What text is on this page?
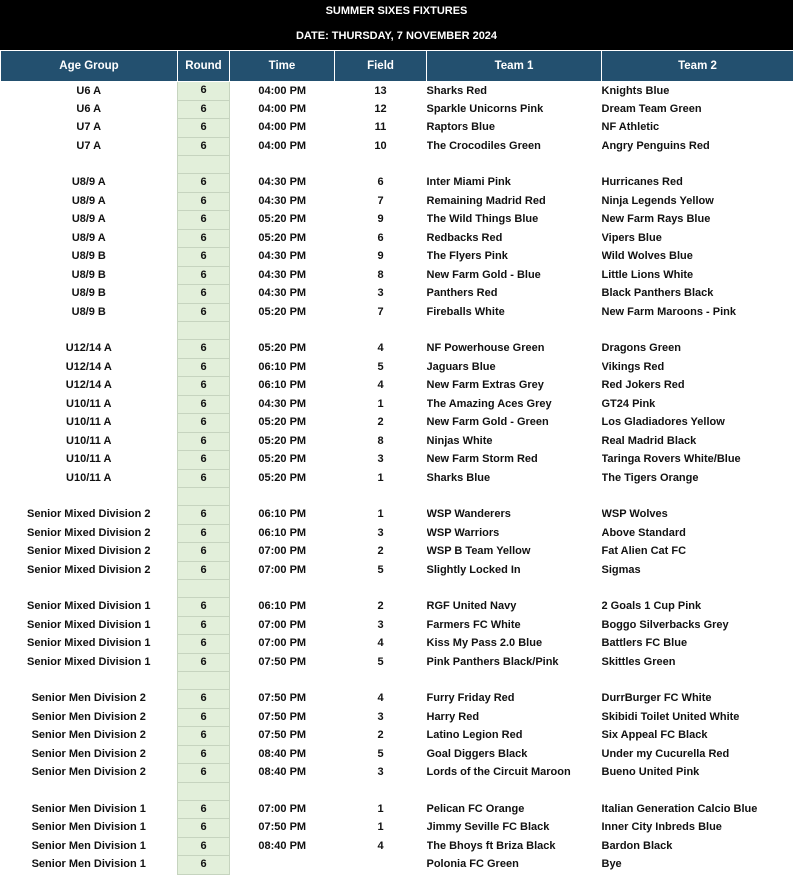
SUMMER SIXES FIXTURES
DATE: THURSDAY, 7 NOVEMBER 2024
Age Group	Round	Time	Field	Team 1	Team 2
U6 A	6	04:00 PM	13	Sharks Red	Knights Blue
U6 A	6	04:00 PM	12	Sparkle Unicorns Pink	Dream Team Green
U7 A	6	04:00 PM	11	Raptors Blue	NF Athletic
U7 A	6	04:00 PM	10	The Crocodiles Green	Angry Penguins Red

U8/9 A	6	04:30 PM	6	Inter Miami Pink	Hurricanes Red
U8/9 A	6	04:30 PM	7	Remaining Madrid Red	Ninja Legends Yellow
U8/9 A	6	05:20 PM	9	The Wild Things Blue	New Farm Rays Blue
U8/9 A	6	05:20 PM	6	Redbacks Red	Vipers Blue
U8/9 B	6	04:30 PM	9	The Flyers Pink	Wild Wolves Blue
U8/9 B	6	04:30 PM	8	New Farm Gold - Blue	Little Lions White
U8/9 B	6	04:30 PM	3	Panthers Red	Black Panthers Black
U8/9 B	6	05:20 PM	7	Fireballs White	New Farm Maroons - Pink

U12/14 A	6	05:20 PM	4	NF Powerhouse Green	Dragons Green
U12/14 A	6	06:10 PM	5	Jaguars Blue	Vikings Red
U12/14 A	6	06:10 PM	4	New Farm Extras Grey	Red Jokers Red
U10/11 A	6	04:30 PM	1	The Amazing Aces Grey	GT24 Pink
U10/11 A	6	05:20 PM	2	New Farm Gold - Green	Los Gladiadores Yellow
U10/11 A	6	05:20 PM	8	Ninjas White	Real Madrid Black
U10/11 A	6	05:20 PM	3	New Farm Storm Red	Taringa Rovers White/Blue
U10/11 A	6	05:20 PM	1	Sharks Blue	The Tigers Orange

Senior Mixed Division 2	6	06:10 PM	1	WSP Wanderers	WSP Wolves
Senior Mixed Division 2	6	06:10 PM	3	WSP Warriors	Above Standard
Senior Mixed Division 2	6	07:00 PM	2	WSP B Team Yellow	Fat Alien Cat FC
Senior Mixed Division 2	6	07:00 PM	5	Slightly Locked In	Sigmas

Senior Mixed Division 1	6	06:10 PM	2	RGF United Navy	2 Goals 1 Cup Pink
Senior Mixed Division 1	6	07:00 PM	3	Farmers FC White	Boggo Silverbacks Grey
Senior Mixed Division 1	6	07:00 PM	4	Kiss My Pass 2.0 Blue	Battlers FC Blue
Senior Mixed Division 1	6	07:50 PM	5	Pink Panthers Black/Pink	Skittles Green

Senior Men Division 2	6	07:50 PM	4	Furry Friday Red	DurrBurger FC White
Senior Men Division 2	6	07:50 PM	3	Harry Red	Skibidi Toilet United White
Senior Men Division 2	6	07:50 PM	2	Latino Legion Red	Six Appeal FC Black
Senior Men Division 2	6	08:40 PM	5	Goal Diggers Black	Under my Cucurella Red
Senior Men Division 2	6	08:40 PM	3	Lords of the Circuit Maroon	Bueno United Pink

Senior Men Division 1	6	07:00 PM	1	Pelican FC Orange	Italian Generation Calcio Blue
Senior Men Division 1	6	07:50 PM	1	Jimmy Seville FC Black	Inner City Inbreds Blue
Senior Men Division 1	6	08:40 PM	4	The Bhoys ft Briza Black	Bardon Black
Senior Men Division 1	6			Polonia FC Green	Bye
